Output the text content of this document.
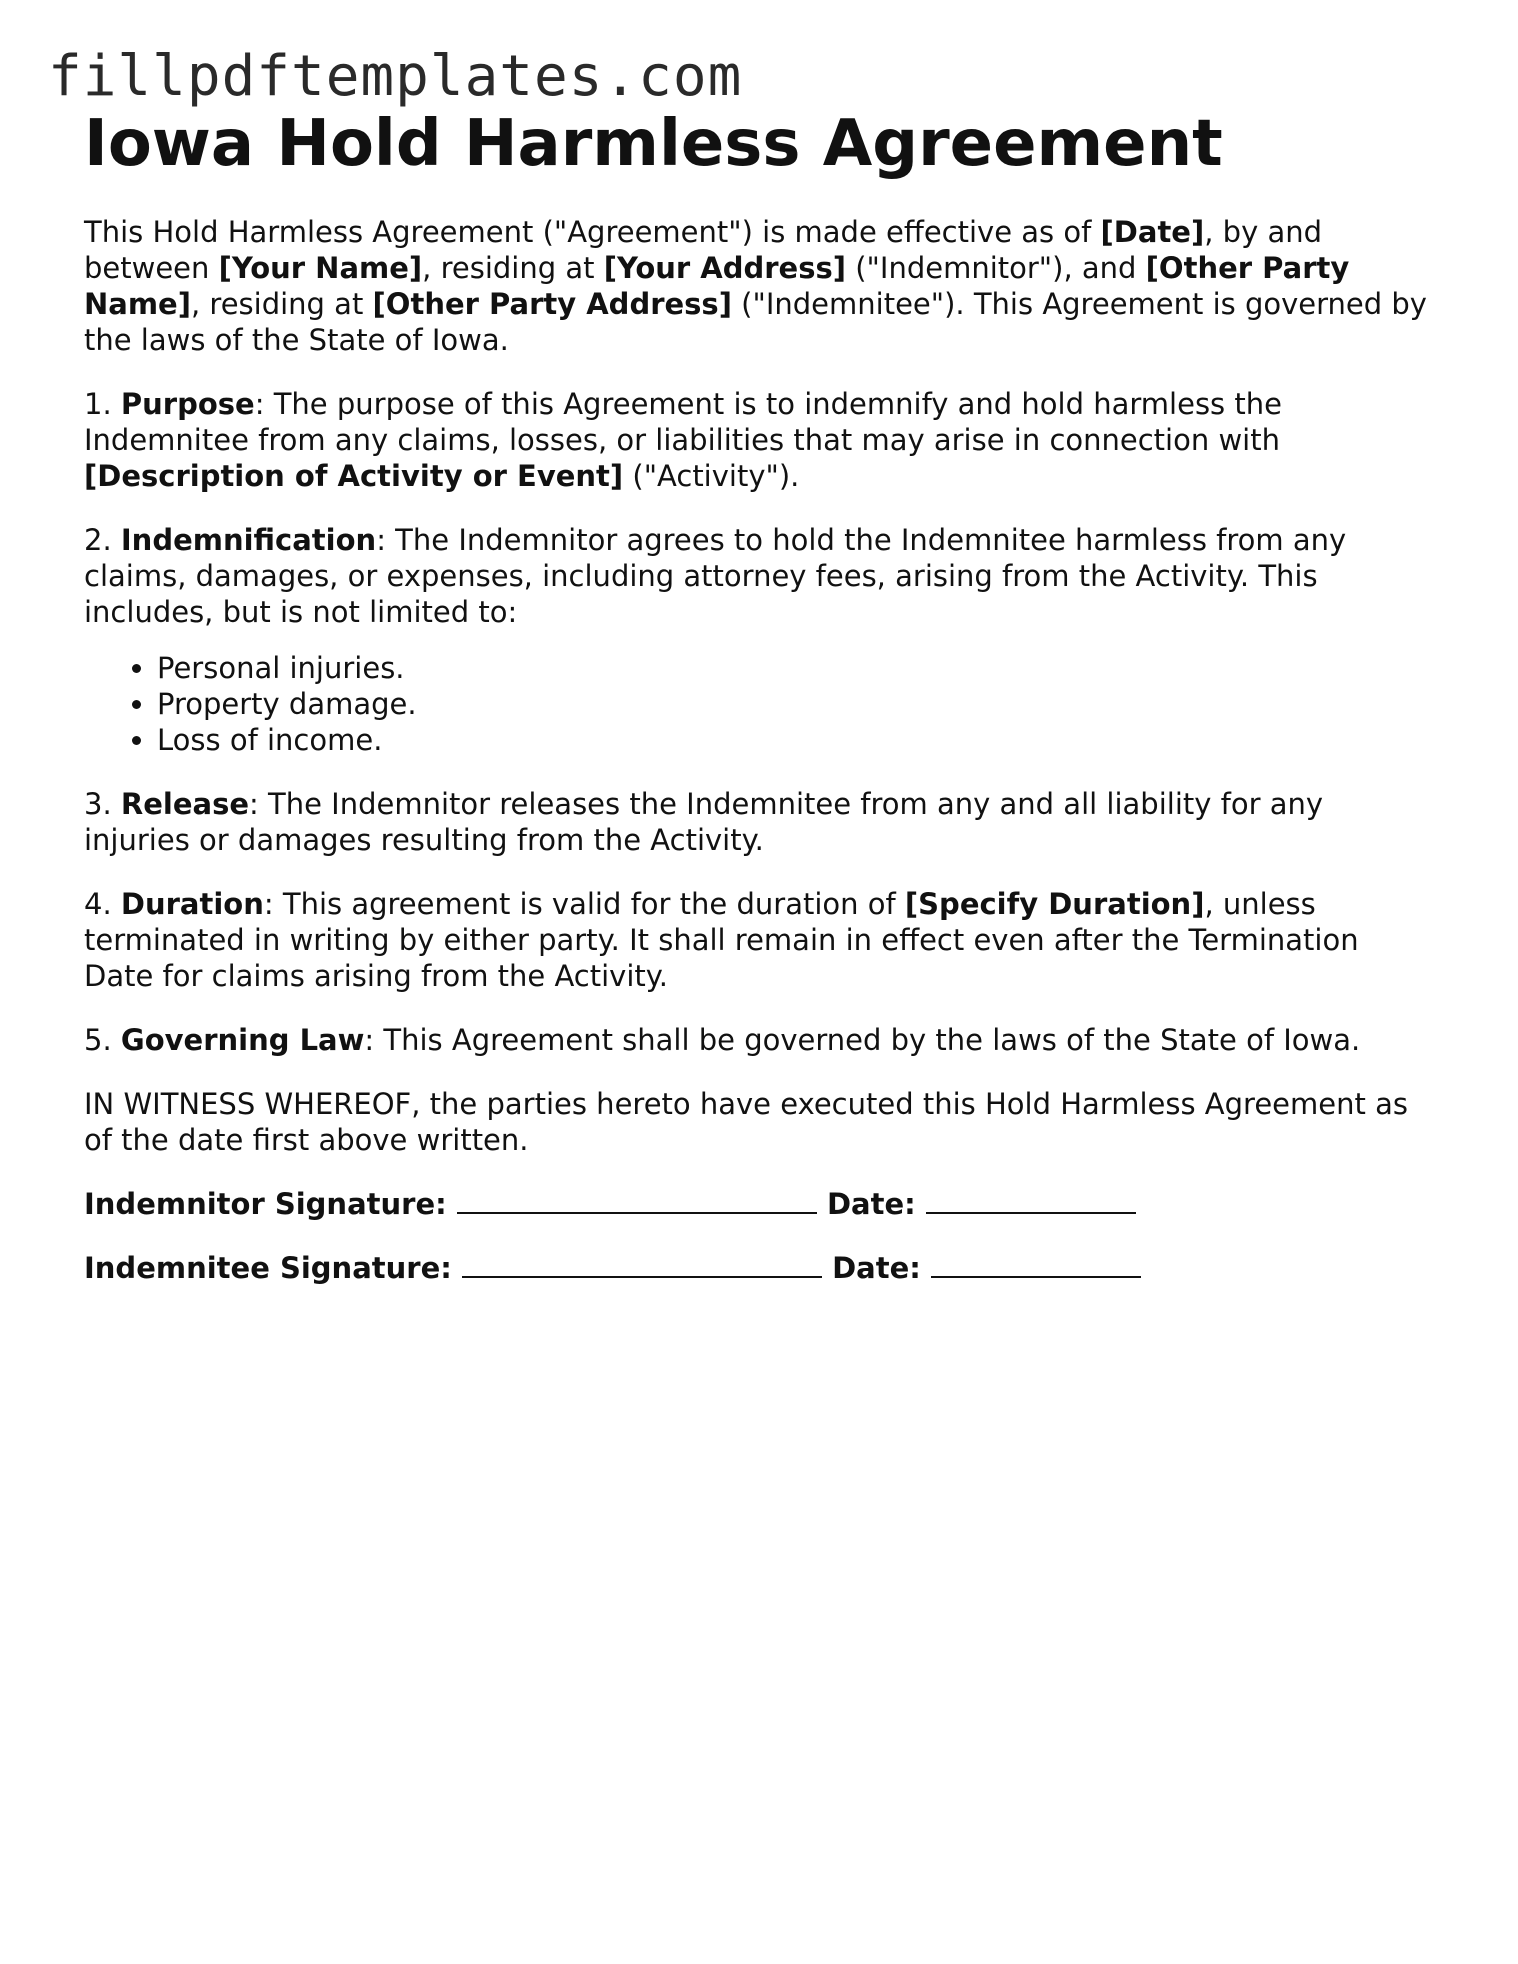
fillpdftemplates.com
Iowa Hold Harmless Agreement

This Hold Harmless Agreement ("Agreement") is made effective as of [Date], by and between [Your Name], residing at [Your Address] ("Indemnitor"), and [Other Party Name], residing at [Other Party Address] ("Indemnitee"). This Agreement is governed by the laws of the State of Iowa.

1. Purpose: The purpose of this Agreement is to indemnify and hold harmless the Indemnitee from any claims, losses, or liabilities that may arise in connection with [Description of Activity or Event] ("Activity").

2. Indemnification: The Indemnitor agrees to hold the Indemnitee harmless from any claims, damages, or expenses, including attorney fees, arising from the Activity. This includes, but is not limited to:

• Personal injuries.
• Property damage.
• Loss of income.

3. Release: The Indemnitor releases the Indemnitee from any and all liability for any injuries or damages resulting from the Activity.

4. Duration: This agreement is valid for the duration of [Specify Duration], unless terminated in writing by either party. It shall remain in effect even after the Termination Date for claims arising from the Activity.

5. Governing Law: This Agreement shall be governed by the laws of the State of Iowa.

IN WITNESS WHEREOF, the parties hereto have executed this Hold Harmless Agreement as of the date first above written.

Indemnitor Signature:	Date:
Indemnitee Signature:	Date:
